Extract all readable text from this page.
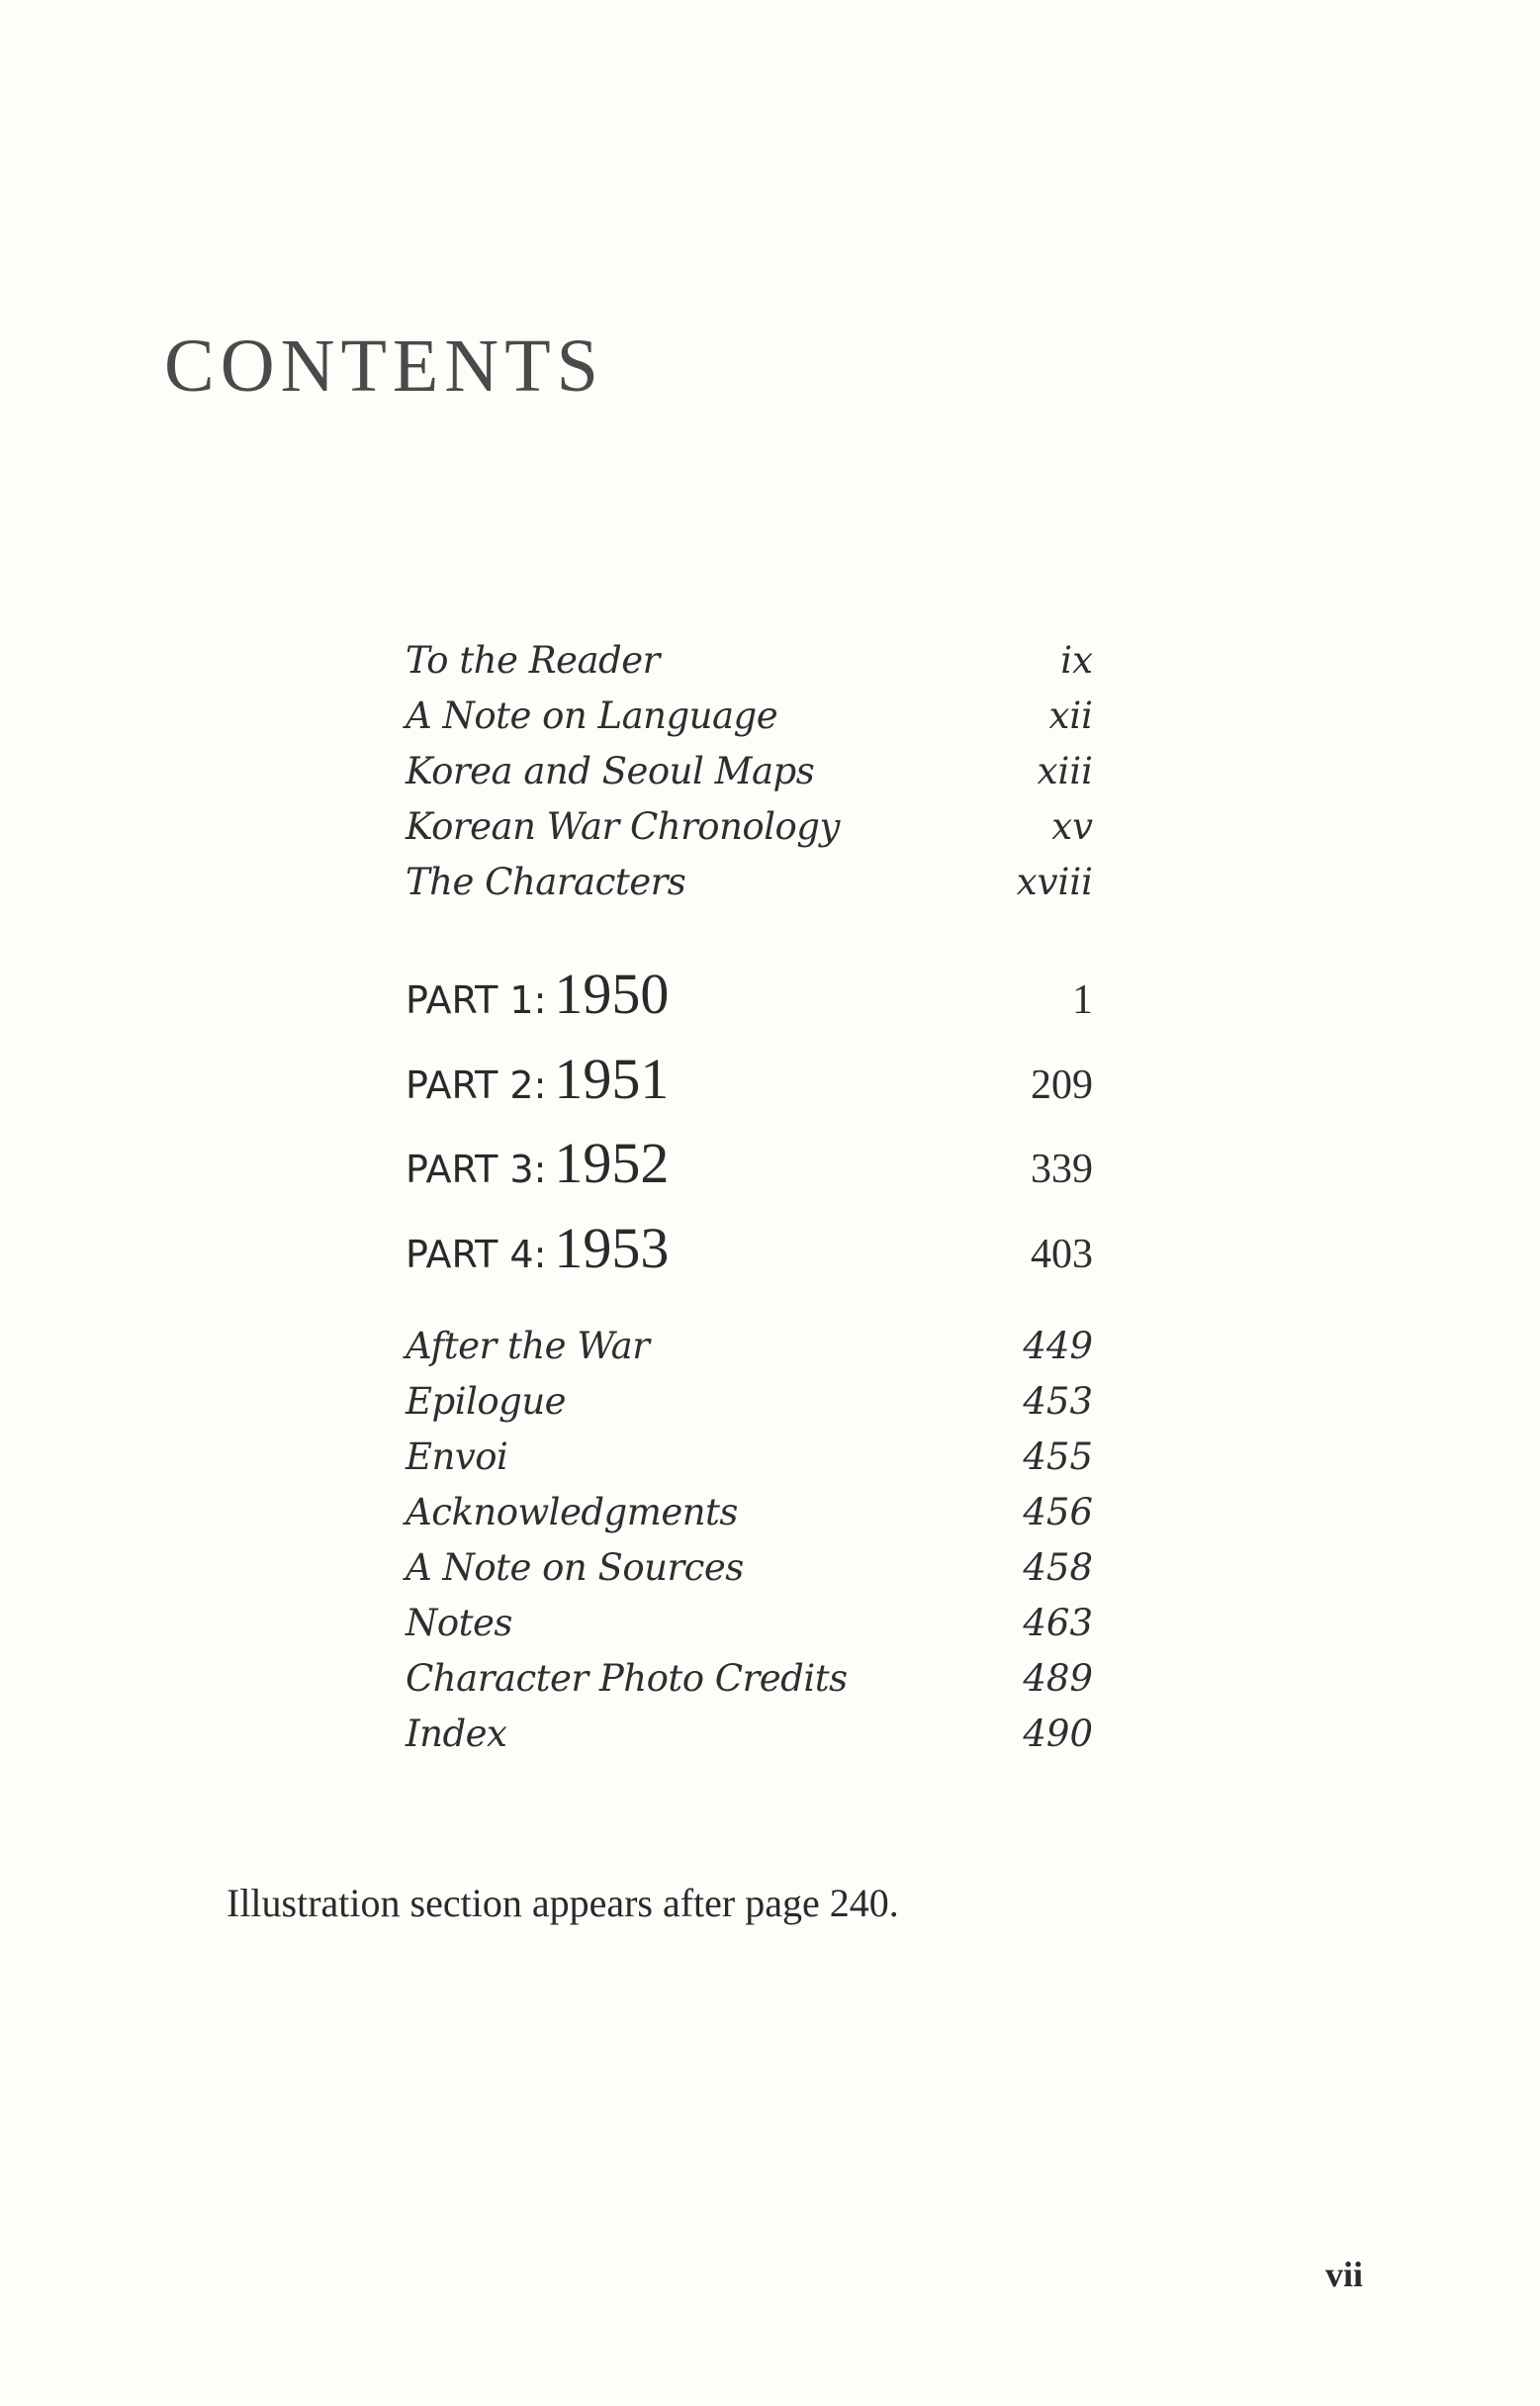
CONTENTS
To the Reader	ix
A Note on Language	xii
Korea and Seoul Maps	xiii
Korean War Chronology	xv
The Characters	xviii
PART 1: 1950	1
PART 2: 1951	209
PART 3: 1952	339
PART 4: 1953	403
After the War	449
Epilogue	453
Envoi	455
Acknowledgments	456
A Note on Sources	458
Notes	463
Character Photo Credits	489
Index	490
Illustration section appears after page 240.
vii
